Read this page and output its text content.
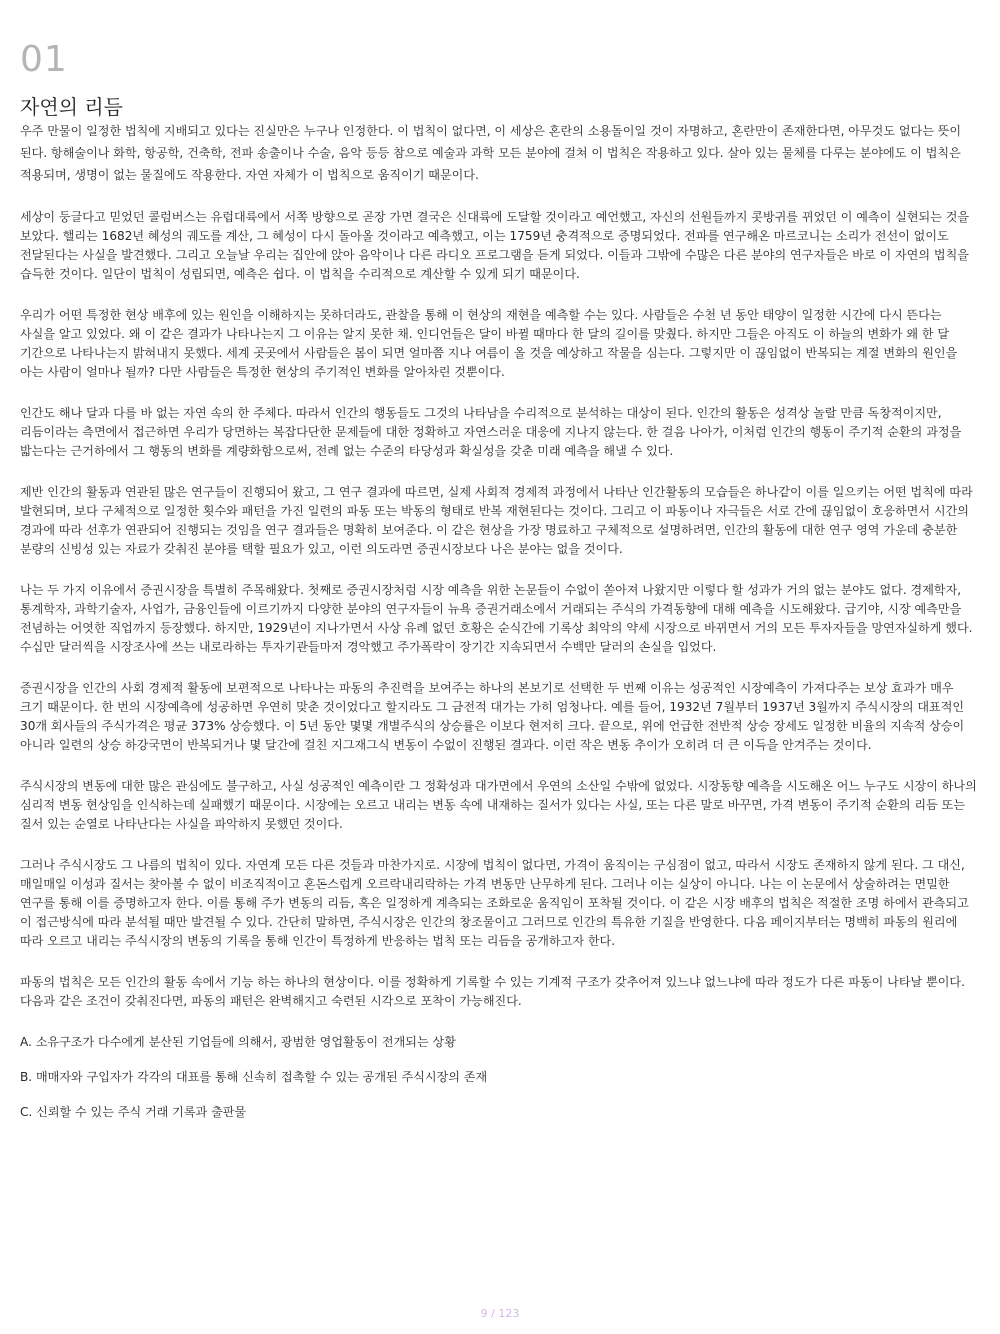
01
자연의 리듬

우주 만물이 일정한 법칙에 지배되고 있다는 진실만은 누구나 인정한다. 이 법칙이 없다면, 이 세상은 혼란의 소용돌이일 것이 자명하고, 혼란만이 존재한다면, 아무것도 없다는 뜻이 된다. 항해술이나 화학, 항공학, 건축학, 전파 송출이나 수술, 음악 등등 참으로 예술과 과학 모든 분야에 걸쳐 이 법칙은 작용하고 있다. 살아 있는 물체를 다루는 분야에도 이 법칙은 적용되며, 생명이 없는 물질에도 작용한다. 자연 자체가 이 법칙으로 움직이기 때문이다.

세상이 둥글다고 믿었던 콜럼버스는 유럽대륙에서 서쪽 방향으로 곧장 가면 결국은 신대륙에 도달할 것이라고 예언했고, 자신의 선원들까지 콧방귀를 뀌었던 이 예측이 실현되는 것을 보았다. 핼리는 1682년 혜성의 궤도를 계산, 그 혜성이 다시 돌아올 것이라고 예측했고, 이는 1759년 충격적으로 증명되었다. 전파를 연구해온 마르코니는 소리가 전선이 없이도 전달된다는 사실을 발견했다. 그리고 오늘날 우리는 집안에 앉아 음악이나 다른 라디오 프로그램을 듣게 되었다. 이들과 그밖에 수많은 다른 분야의 연구자들은 바로 이 자연의 법칙을 습득한 것이다. 일단이 법칙이 성립되면, 예측은 쉽다. 이 법칙을 수리적으로 계산할 수 있게 되기 때문이다.

우리가 어떤 특정한 현상 배후에 있는 원인을 이해하지는 못하더라도, 관찰을 통해 이 현상의 재현을 예측할 수는 있다. 사람들은 수천 년 동안 태양이 일정한 시간에 다시 뜬다는 사실을 알고 있었다. 왜 이 같은 결과가 나타나는지 그 이유는 알지 못한 채. 인디언들은 달이 바뀔 때마다 한 달의 길이를 맞췄다. 하지만 그들은 아직도 이 하늘의 변화가 왜 한 달 기간으로 나타나는지 밝혀내지 못했다. 세계 곳곳에서 사람들은 봄이 되면 얼마쯤 지나 여름이 올 것을 예상하고 작물을 심는다. 그렇지만 이 끊임없이 반복되는 계절 변화의 원인을 아는 사람이 얼마나 될까? 다만 사람들은 특정한 현상의 주기적인 변화를 알아차린 것뿐이다.

인간도 해나 달과 다를 바 없는 자연 속의 한 주체다. 따라서 인간의 행동들도 그것의 나타남을 수리적으로 분석하는 대상이 된다. 인간의 활동은 성격상 놀랄 만큼 독창적이지만, 리듬이라는 측면에서 접근하면 우리가 당면하는 복잡다단한 문제들에 대한 정확하고 자연스러운 대응에 지나지 않는다. 한 걸음 나아가, 이처럼 인간의 행동이 주기적 순환의 과정을 밟는다는 근거하에서 그 행동의 변화를 계량화함으로써, 전례 없는 수준의 타당성과 확실성을 갖춘 미래 예측을 해낼 수 있다.

제반 인간의 활동과 연관된 많은 연구들이 진행되어 왔고, 그 연구 결과에 따르면, 실제 사회적 경제적 과정에서 나타난 인간활동의 모습들은 하나같이 이를 일으키는 어떤 법칙에 따라 발현되며, 보다 구체적으로 일정한 횟수와 패턴을 가진 일련의 파동 또는 박동의 형태로 반복 재현된다는 것이다. 그리고 이 파동이나 자극들은 서로 간에 끊임없이 호응하면서 시간의 경과에 따라 선후가 연관되어 진행되는 것임을 연구 결과들은 명확히 보여준다. 이 같은 현상을 가장 명료하고 구체적으로 설명하려면, 인간의 활동에 대한 연구 영역 가운데 충분한 분량의 신빙성 있는 자료가 갖춰진 분야를 택할 필요가 있고, 이런 의도라면 증권시장보다 나은 분야는 없을 것이다.

나는 두 가지 이유에서 증권시장을 특별히 주목해왔다. 첫째로 증권시장처럼 시장 예측을 위한 논문들이 수없이 쏟아져 나왔지만 이렇다 할 성과가 거의 없는 분야도 없다. 경제학자, 통계학자, 과학기술자, 사업가, 금융인들에 이르기까지 다양한 분야의 연구자들이 뉴욕 증권거래소에서 거래되는 주식의 가격동향에 대해 예측을 시도해왔다. 급기야, 시장 예측만을 전념하는 어엿한 직업까지 등장했다. 하지만, 1929년이 지나가면서 사상 유례 없던 호황은 순식간에 기록상 최악의 약세 시장으로 바뀌면서 거의 모든 투자자들을 망연자실하게 했다. 수십만 달러씩을 시장조사에 쓰는 내로라하는 투자기관들마저 경악했고 주가폭락이 장기간 지속되면서 수백만 달러의 손실을 입었다.

증권시장을 인간의 사회 경제적 활동에 보편적으로 나타나는 파동의 추진력을 보여주는 하나의 본보기로 선택한 두 번째 이유는 성공적인 시장예측이 가져다주는 보상 효과가 매우 크기 때문이다. 한 번의 시장예측에 성공하면 우연히 맞춘 것이었다고 할지라도 그 금전적 대가는 가히 엄청나다. 예를 들어, 1932년 7월부터 1937년 3월까지 주식시장의 대표적인 30개 회사들의 주식가격은 평균 373% 상승했다. 이 5년 동안 몇몇 개별주식의 상승률은 이보다 현저히 크다. 끝으로, 위에 언급한 전반적 상승 장세도 일정한 비율의 지속적 상승이 아니라 일련의 상승 하강국면이 반복되거나 몇 달간에 걸친 지그재그식 변동이 수없이 진행된 결과다. 이런 작은 변동 추이가 오히려 더 큰 이득을 안겨주는 것이다.

주식시장의 변동에 대한 많은 관심에도 불구하고, 사실 성공적인 예측이란 그 정확성과 대가면에서 우연의 소산일 수밖에 없었다. 시장동향 예측을 시도해온 어느 누구도 시장이 하나의 심리적 변동 현상임을 인식하는데 실패했기 때문이다. 시장에는 오르고 내리는 변동 속에 내재하는 질서가 있다는 사실, 또는 다른 말로 바꾸면, 가격 변동이 주기적 순환의 리듬 또는 질서 있는 순열로 나타난다는 사실을 파악하지 못했던 것이다.

그러나 주식시장도 그 나름의 법칙이 있다. 자연계 모든 다른 것들과 마찬가지로. 시장에 법칙이 없다면, 가격이 움직이는 구심점이 없고, 따라서 시장도 존재하지 않게 된다. 그 대신, 매일매일 이성과 질서는 찾아볼 수 없이 비조직적이고 혼돈스럽게 오르락내리락하는 가격 변동만 난무하게 된다. 그러나 이는 실상이 아니다. 나는 이 논문에서 상술하려는 면밀한 연구를 통해 이를 증명하고자 한다. 이를 통해 주가 변동의 리듬, 혹은 일정하게 계측되는 조화로운 움직임이 포착될 것이다. 이 같은 시장 배후의 법칙은 적절한 조명 하에서 관측되고 이 접근방식에 따라 분석될 때만 발견될 수 있다. 간단히 말하면, 주식시장은 인간의 창조물이고 그러므로 인간의 특유한 기질을 반영한다. 다음 페이지부터는 명백히 파동의 원리에 따라 오르고 내리는 주식시장의 변동의 기록을 통해 인간이 특정하게 반응하는 법칙 또는 리듬을 공개하고자 한다.

파동의 법칙은 모든 인간의 활동 속에서 기능 하는 하나의 현상이다. 이를 정확하게 기록할 수 있는 기계적 구조가 갖추어져 있느냐 없느냐에 따라 정도가 다른 파동이 나타날 뿐이다. 다음과 같은 조건이 갖춰진다면, 파동의 패턴은 완벽해지고 숙련된 시각으로 포착이 가능해진다.

A. 소유구조가 다수에게 분산된 기업들에 의해서, 광범한 영업활동이 전개되는 상황
B. 매매자와 구입자가 각각의 대표를 통해 신속히 접촉할 수 있는 공개된 주식시장의 존재
C. 신뢰할 수 있는 주식 거래 기록과 출판물
9 / 123
